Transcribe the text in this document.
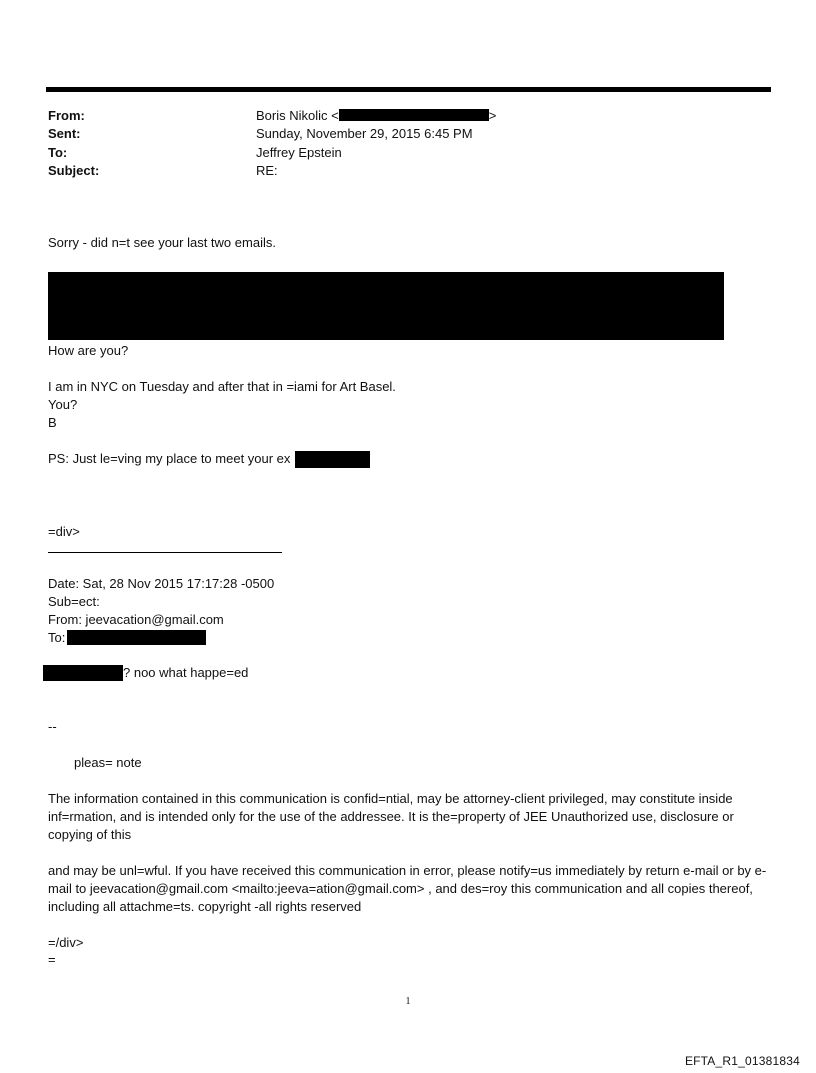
From:	Boris Nikolic <	>
Sent:	Sunday, November 29, 2015 6:45 PM
To:	Jeffrey Epstein
Subject:	RE:
Sorry - did n=t see your last two emails.
How are you?
I am in NYC on Tuesday and after that in =iami for Art Basel.
You?
B
PS: Just le=ving my place to meet your ex
=div>
Date: Sat, 28 Nov 2015 17:17:28 -0500
Sub=ect:
From: jeevacation@gmail.com
To:
? noo what happe=ed
--
pleas= note
The information contained in this communication is confid=ntial, may be attorney-client privileged, may constitute inside inf=rmation, and is intended only for the use of the addressee. It is the=property of JEE Unauthorized use, disclosure or copying of this
and may be unl=wful. If you have received this communication in error, please notify=us immediately by return e-mail or by e-mail to jeevacation@gmail.com <mailto:jeeva=ation@gmail.com> , and des=roy this communication and all copies thereof, including all attachme=ts. copyright -all rights reserved
=/div>
=
1
EFTA_R1_01381834
